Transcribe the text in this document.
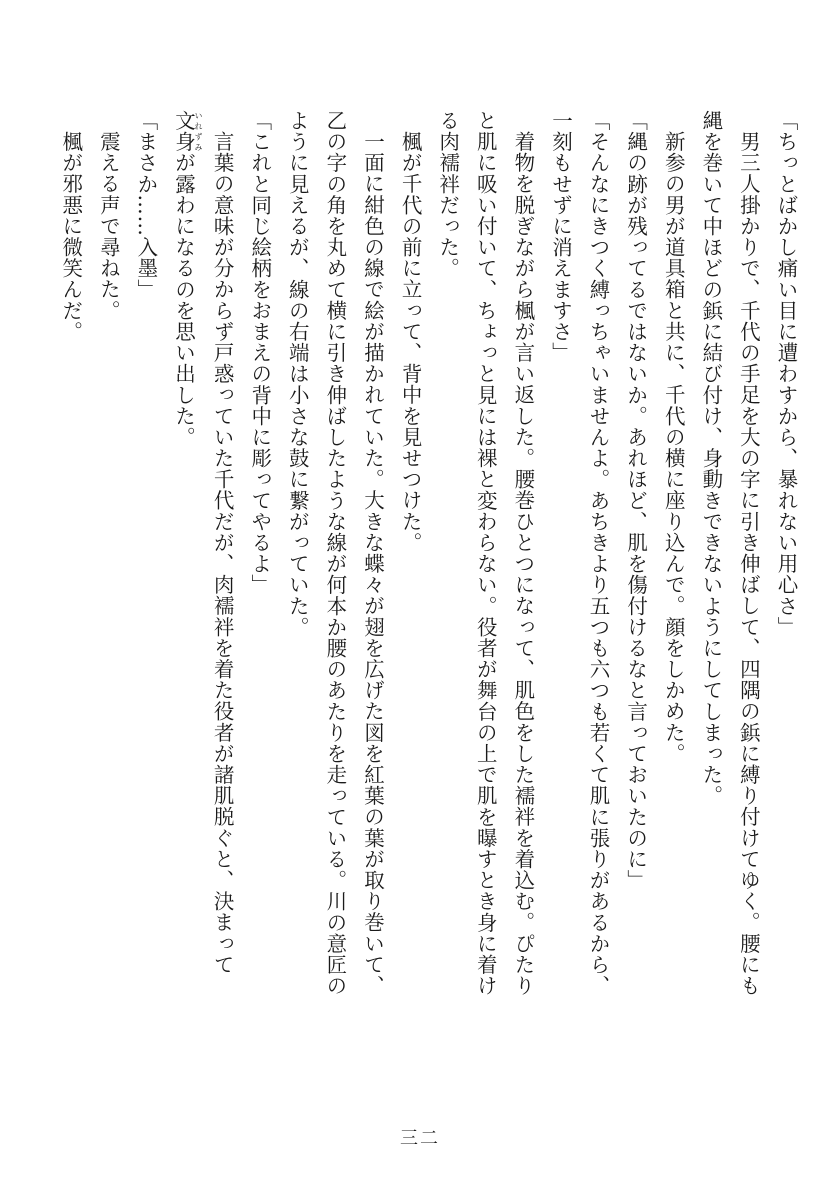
「ちっとばかし痛い目に遭わすから、暴れない用心さ」
男三人掛かりで、千代の手足を大の字に引き伸ばして、四隅の鋲に縛り付けてゆく。腰にも
縄を巻いて中ほどの鋲に結び付け、身動きできないようにしてしまった。
新参の男が道具箱と共に、千代の横に座り込んで。顔をしかめた。
「縄の跡が残ってるではないか。あれほど、肌を傷付けるなと言っておいたのに」
「そんなにきつく縛っちゃいませんよ。あちきより五つも六つも若くて肌に張りがあるから、
一刻もせずに消えますさ」
着物を脱ぎながら楓が言い返した。腰巻ひとつになって、肌色をした襦袢を着込む。ぴたり
と肌に吸い付いて、ちょっと見には裸と変わらない。役者が舞台の上で肌を曝すとき身に着け
る肉襦袢だった。
楓が千代の前に立って、背中を見せつけた。
一面に紺色の線で絵が描かれていた。大きな蝶々が翅を広げた図を紅葉の葉が取り巻いて、
乙の字の角を丸めて横に引き伸ばしたような線が何本か腰のあたりを走っている。川の意匠の
ように見えるが、線の右端は小さな鼓に繋がっていた。
「これと同じ絵柄をおまえの背中に彫ってやるよ」
言葉の意味が分からず戸惑っていた千代だが、肉襦袢を着た役者が諸肌脱ぐと、決まって
文身いれずみが露わになるのを思い出した。
「まさか……入墨」
震える声で尋ねた。
楓が邪悪に微笑んだ。
三二
